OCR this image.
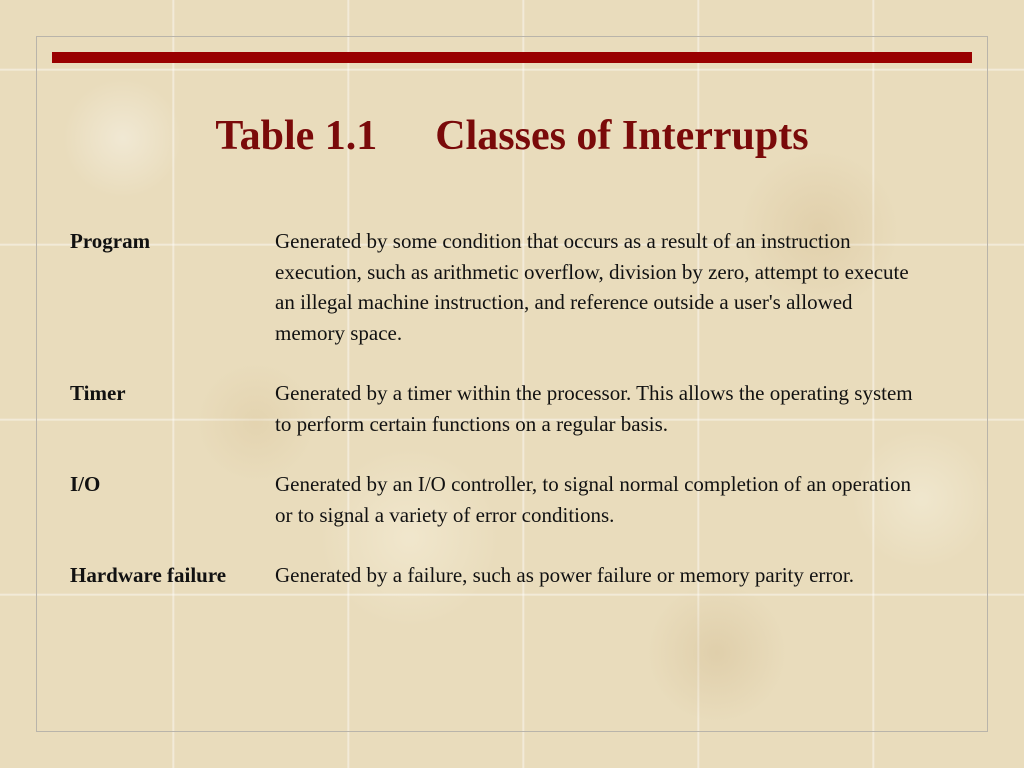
Table 1.1 Classes of Interrupts
Program	Generated by some condition that occurs as a result of an instruction execution, such as arithmetic overflow, division by zero, attempt to execute an illegal machine instruction, and reference outside a user's allowed memory space.
Timer	Generated by a timer within the processor. This allows the operating system to perform certain functions on a regular basis.
I/O	Generated by an I/O controller, to signal normal completion of an operation or to signal a variety of error conditions.
Hardware failure	Generated by a failure, such as power failure or memory parity error.
